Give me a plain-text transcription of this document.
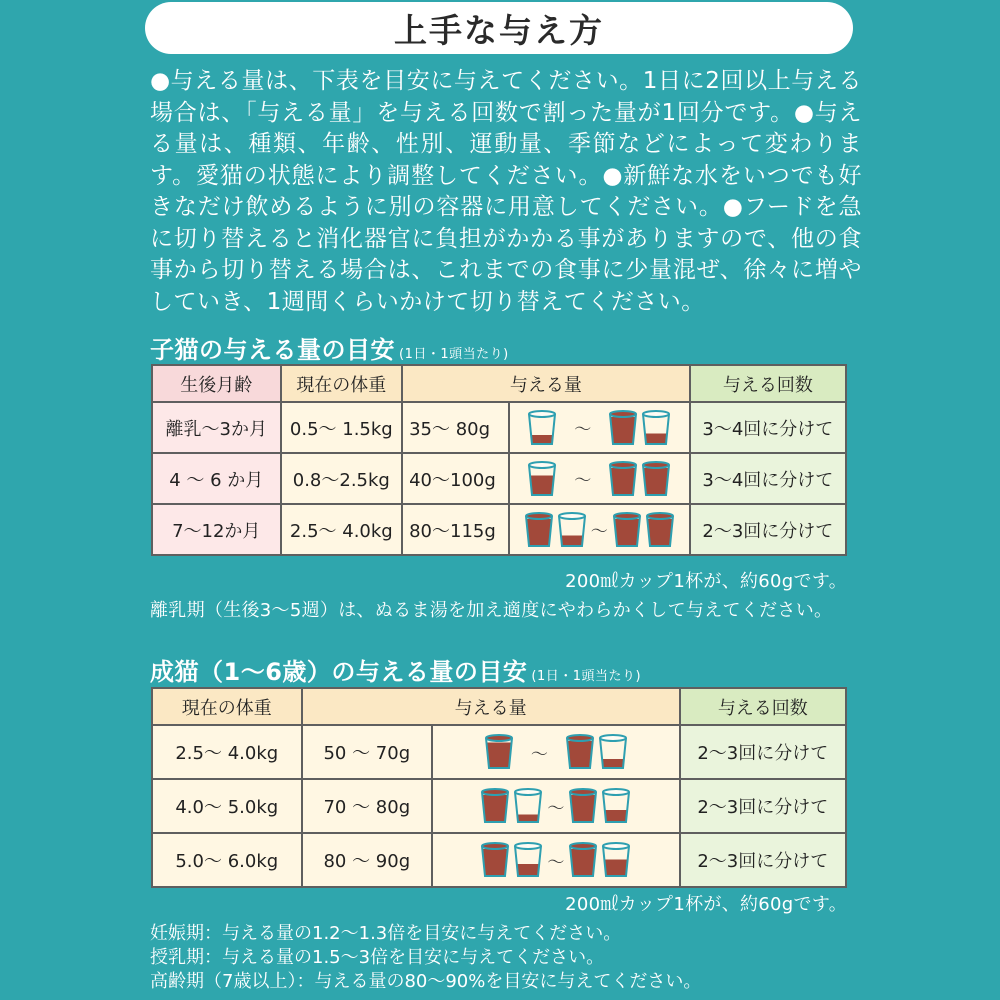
上手な与え方
●与える量は、下表を目安に与えてください。1日に2回以上与える場合は、「与える量」を与える回数で割った量が1回分です。●与える量は、種類、年齢、性別、運動量、季節などによって変わります。愛猫の状態により調整してください。●新鮮な水をいつでも好きなだけ飲めるように別の容器に用意してください。●フードを急に切り替えると消化器官に負担がかかる事がありますので、他の食事から切り替える場合は、これまでの食事に少量混ぜ、徐々に増やしていき、1週間くらいかけて切り替えてください。
子猫の与える量の目安 (1日・1頭当たり)
生後月齢	現在の体重	与える量		与える回数
離乳〜3か月	0.5〜 1.5kg	35〜 80g	〜	3〜4回に分けて
4 〜 6 か月	0.8〜2.5kg	40〜100g	〜	3〜4回に分けて
7〜12か月	2.5〜 4.0kg	80〜115g	〜	2〜3回に分けて
200㎖カップ1杯が、約60gです。
離乳期（生後3〜5週）は、ぬるま湯を加え適度にやわらかくして与えてください。
成猫（1〜6歳）の与える量の目安 (1日・1頭当たり)
現在の体重	与える量		与える回数
2.5〜 4.0kg	50 〜 70g	〜	2〜3回に分けて
4.0〜 5.0kg	70 〜 80g	〜	2〜3回に分けて
5.0〜 6.0kg	80 〜 90g	〜	2〜3回に分けて
200㎖カップ1杯が、約60gです。
妊娠期：与える量の1.2〜1.3倍を目安に与えてください。
授乳期：与える量の1.5〜3倍を目安に与えてください。
高齢期（7歳以上）：与える量の80〜90%を目安に与えてください。
